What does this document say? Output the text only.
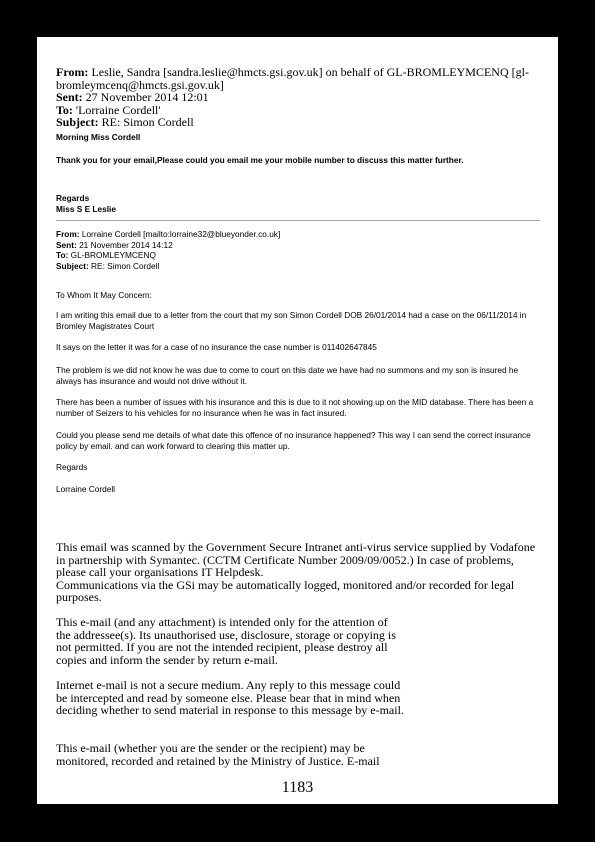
From: Leslie, Sandra [sandra.leslie@hmcts.gsi.gov.uk] on behalf of GL-BROMLEYMCENQ [gl-bromleymcenq@hmcts.gsi.gov.uk]
Sent: 27 November 2014 12:01
To: 'Lorraine Cordell'
Subject: RE: Simon Cordell
Morning Miss Cordell
Thank you for your email,Please could you email me your mobile number to discuss this matter further.
Regards
Miss S E Leslie
From: Lorraine Cordell [mailto:lorraine32@blueyonder.co.uk]
Sent: 21 November 2014 14:12
To: GL-BROMLEYMCENQ
Subject: RE: Simon Cordell
To Whom It May Concern:
I am writing this email due to a letter from the court that my son Simon Cordell DOB 26/01/2014 had a case on the 06/11/2014 in Bromley Magistrates Court
It says on the letter it was for a case of no insurance the case number is 011402647845
The problem is we did not know he was due to come to court on this date we have had no summons and my son is insured he always has insurance and would not drive without it.
There has been a number of issues with his insurance and this is due to it not showing up on the MID database. There has been a number of Seizers to his vehicles for no insurance when he was in fact insured.
Could you please send me details of what date this offence of no insurance happened? This way I can send the correct insurance policy by email. and can work forward to clearing this matter up.
Regards
Lorraine Cordell
This email was scanned by the Government Secure Intranet anti-virus service supplied by Vodafone in partnership with Symantec. (CCTM Certificate Number 2009/09/0052.) In case of problems, please call your organisations IT Helpdesk.
Communications via the GSi may be automatically logged, monitored and/or recorded for legal purposes.
This e-mail (and any attachment) is intended only for the attention of the addressee(s). Its unauthorised use, disclosure, storage or copying is not permitted. If you are not the intended recipient, please destroy all copies and inform the sender by return e-mail.
Internet e-mail is not a secure medium. Any reply to this message could be intercepted and read by someone else. Please bear that in mind when deciding whether to send material in response to this message by e-mail.
This e-mail (whether you are the sender or the recipient) may be monitored, recorded and retained by the Ministry of Justice. E-mail
1183
